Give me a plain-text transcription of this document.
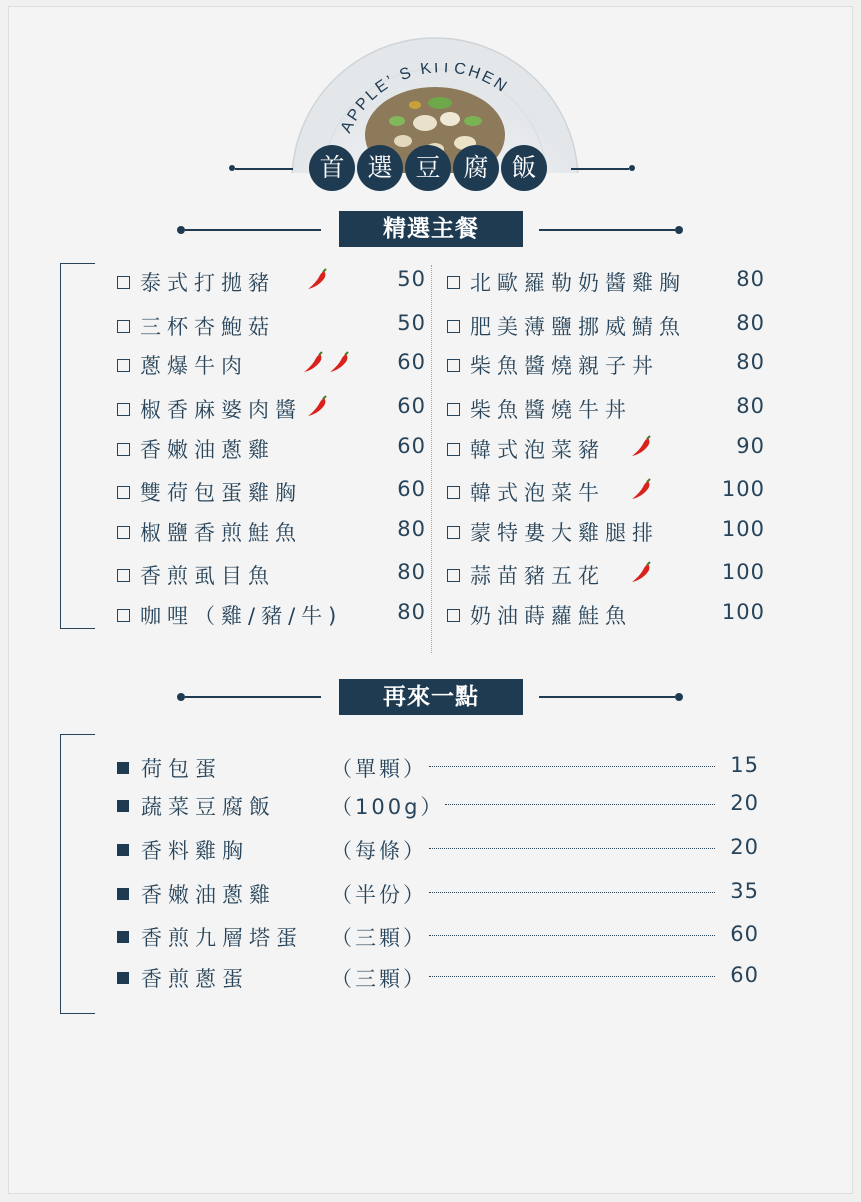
APPLE’ S KITCHEN
首 選 豆 腐 飯
精選主餐
泰式打拋豬	50
三杯杏鮑菇	50
蔥爆牛肉	60
椒香麻婆肉醬	60
香嫩油蔥雞	60
雙荷包蛋雞胸	60
椒鹽香煎鮭魚	80
香煎虱目魚	80
咖哩（雞/豬/牛)	80
北歐羅勒奶醬雞胸	80
肥美薄鹽挪威鯖魚	80
柴魚醬燒親子丼	80
柴魚醬燒牛丼	80
韓式泡菜豬	90
韓式泡菜牛	100
蒙特婁大雞腿排	100
蒜苗豬五花	100
奶油蒔蘿鮭魚	100
再來一點
荷包蛋	（單顆）	15
蔬菜豆腐飯	（100g）	20
香料雞胸	（每條）	20
香嫩油蔥雞	（半份）	35
香煎九層塔蛋 （三顆）	60
香煎蔥蛋	（三顆）	60
